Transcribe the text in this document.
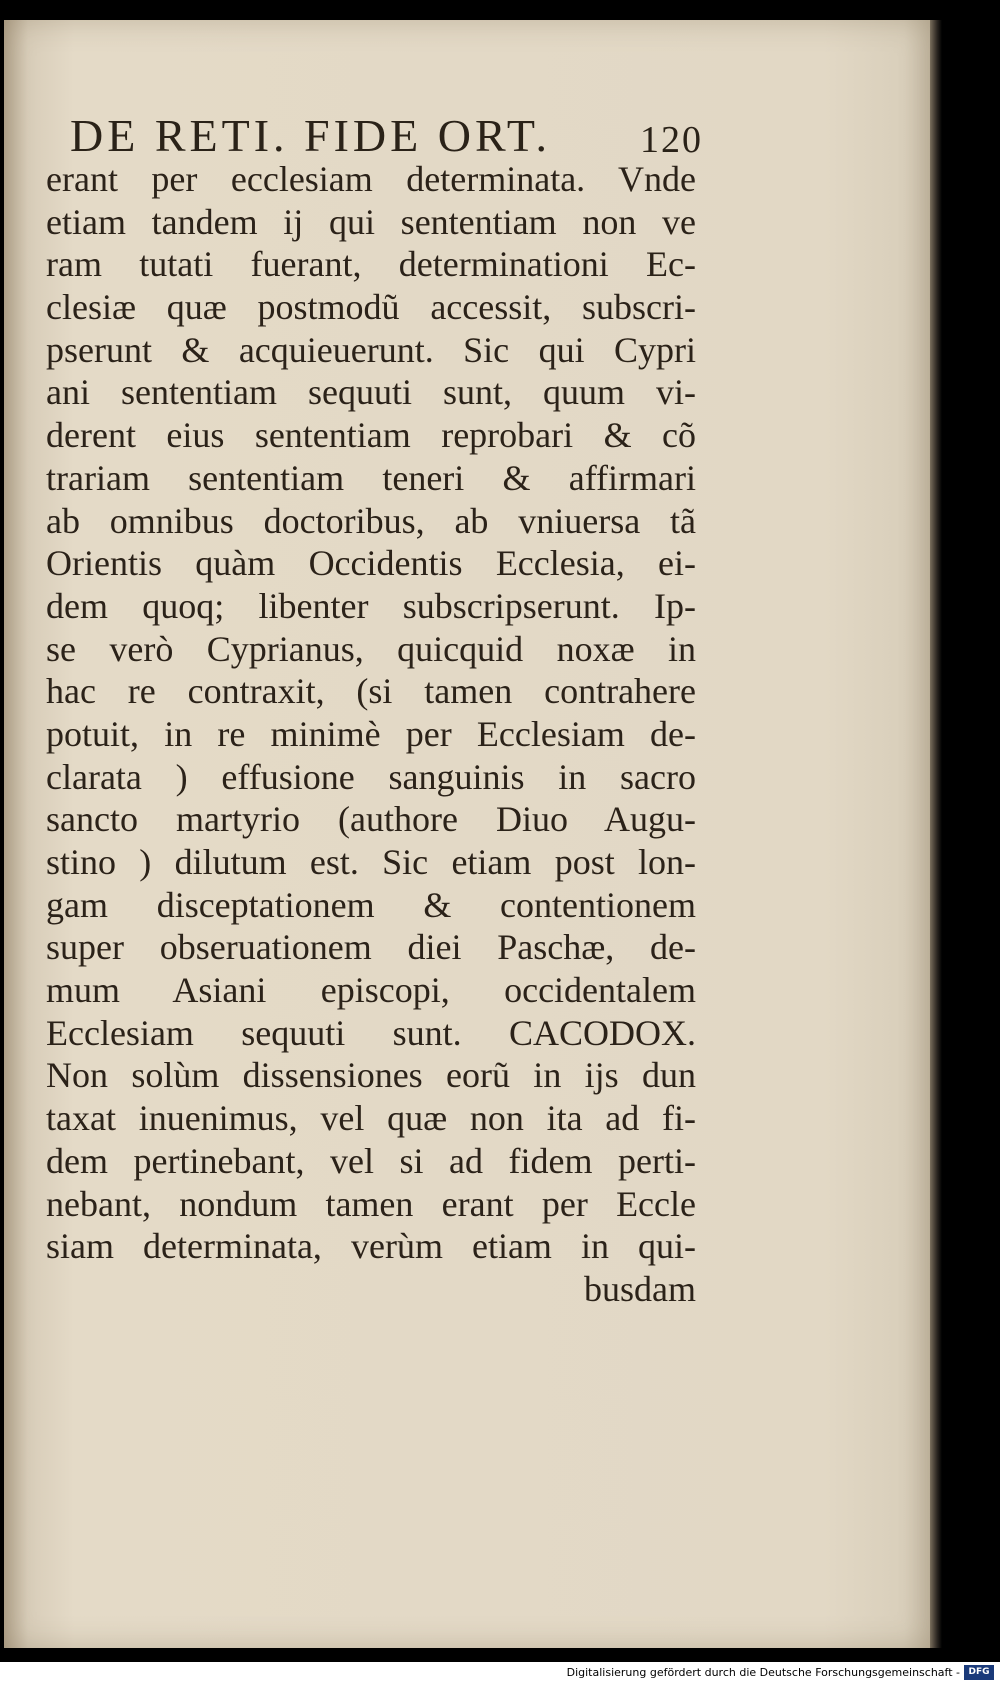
DE RETI. FIDE ORT.	120
erant per ecclesiam determinata. Vnde
etiam tandem ij qui sententiam non ve
ram tutati fuerant, determinationi Ec-
clesiæ quæ postmodũ accessit, subscri-
pserunt & acquieuerunt. Sic qui Cypri
ani sententiam sequuti sunt, quum vi-
derent eius sententiam reprobari & cõ
trariam sententiam teneri & affirmari
ab omnibus doctoribus, ab vniuersa tã
Orientis quàm Occidentis Ecclesia, ei-
dem quoq; libenter subscripserunt. Ip-
se verò Cyprianus, quicquid noxæ in
hac re contraxit, (si tamen contrahere
potuit, in re minimè per Ecclesiam de-
clarata ) effusione sanguinis in sacro
sancto martyrio (authore Diuo Augu-
stino ) dilutum est. Sic etiam post lon-
gam disceptationem & contentionem
super obseruationem diei Paschæ, de-
mum Asiani episcopi, occidentalem
Ecclesiam sequuti sunt. CACODOX.
Non solùm dissensiones eorũ in ijs dun
taxat inuenimus, vel quæ non ita ad fi-
dem pertinebant, vel si ad fidem perti-
nebant, nondum tamen erant per Eccle
siam determinata, verùm etiam in qui-
busdam
Digitalisierung gefördert durch die Deutsche Forschungsgemeinschaft - DFG
